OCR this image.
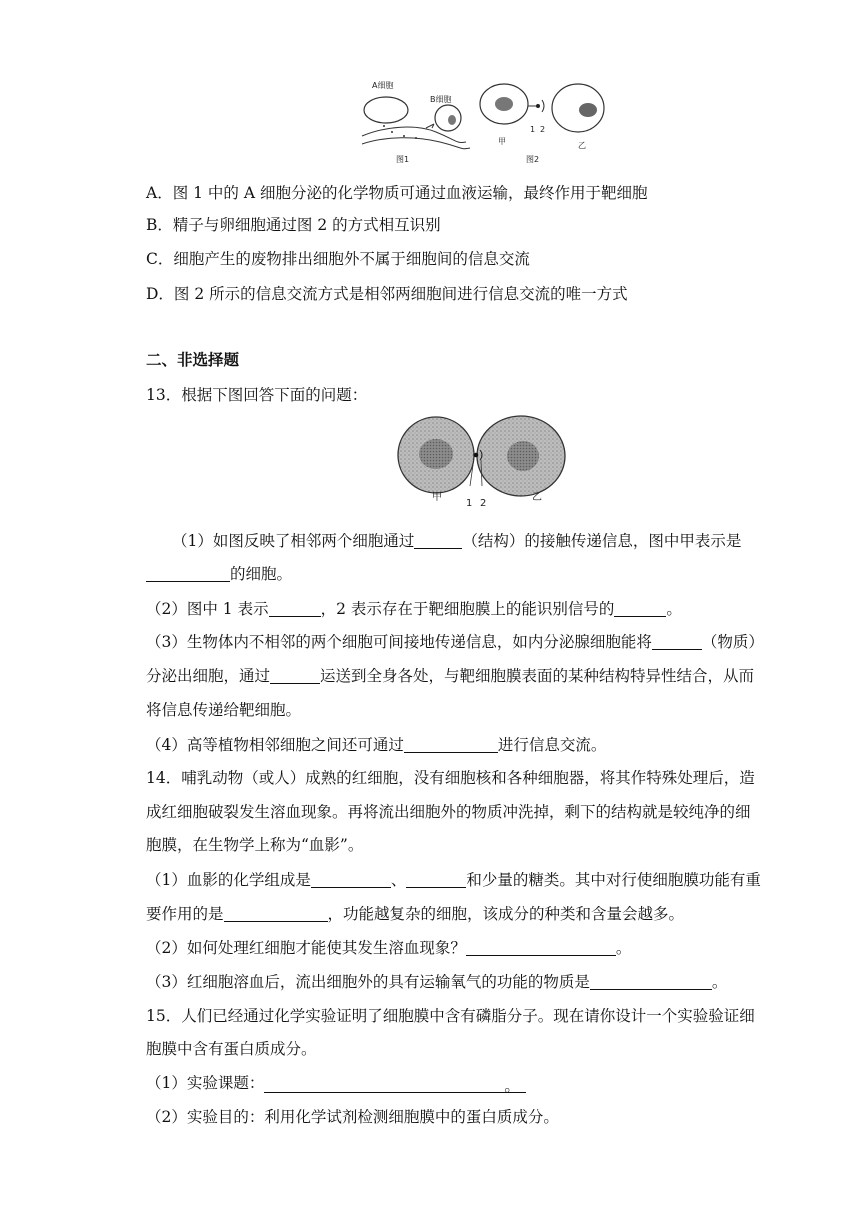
A细胞
B细胞
图1
甲
1 2
乙
图2
A．图 1 中的 A 细胞分泌的化学物质可通过血液运输，最终作用于靶细胞
B．精子与卵细胞通过图 2 的方式相互识别
C．细胞产生的废物排出细胞外不属于细胞间的信息交流
D．图 2 所示的信息交流方式是相邻两细胞间进行信息交流的唯一方式
二、非选择题
13．根据下图回答下面的问题：
甲
1 2
乙
（1）如图反映了相邻两个细胞通过	（结构）的接触传递信息，图中甲表示是
的细胞。
（2）图中 1 表示	，2 表示存在于靶细胞膜上的能识别信号的	。
（3）生物体内不相邻的两个细胞可间接地传递信息，如内分泌腺细胞能将	（物质）
分泌出细胞，通过	运送到全身各处，与靶细胞膜表面的某种结构特异性结合，从而
将信息传递给靶细胞。
（4）高等植物相邻细胞之间还可通过	进行信息交流。
14．哺乳动物（或人）成熟的红细胞，没有细胞核和各种细胞器，将其作特殊处理后，造
成红细胞破裂发生溶血现象。再将流出细胞外的物质冲洗掉，剩下的结构就是较纯净的细
胞膜，在生物学上称为“血影”。
（1）血影的化学组成是	、	和少量的糖类。其中对行使细胞膜功能有重
要作用的是	，功能越复杂的细胞，该成分的种类和含量会越多。
（2）如何处理红细胞才能使其发生溶血现象？	。
（3）红细胞溶血后，流出细胞外的具有运输氧气的功能的物质是	。
15．人们已经通过化学实验证明了细胞膜中含有磷脂分子。现在请你设计一个实验验证细
胞膜中含有蛋白质成分。
（1）实验课题：	。
（2）实验目的：利用化学试剂检测细胞膜中的蛋白质成分。
